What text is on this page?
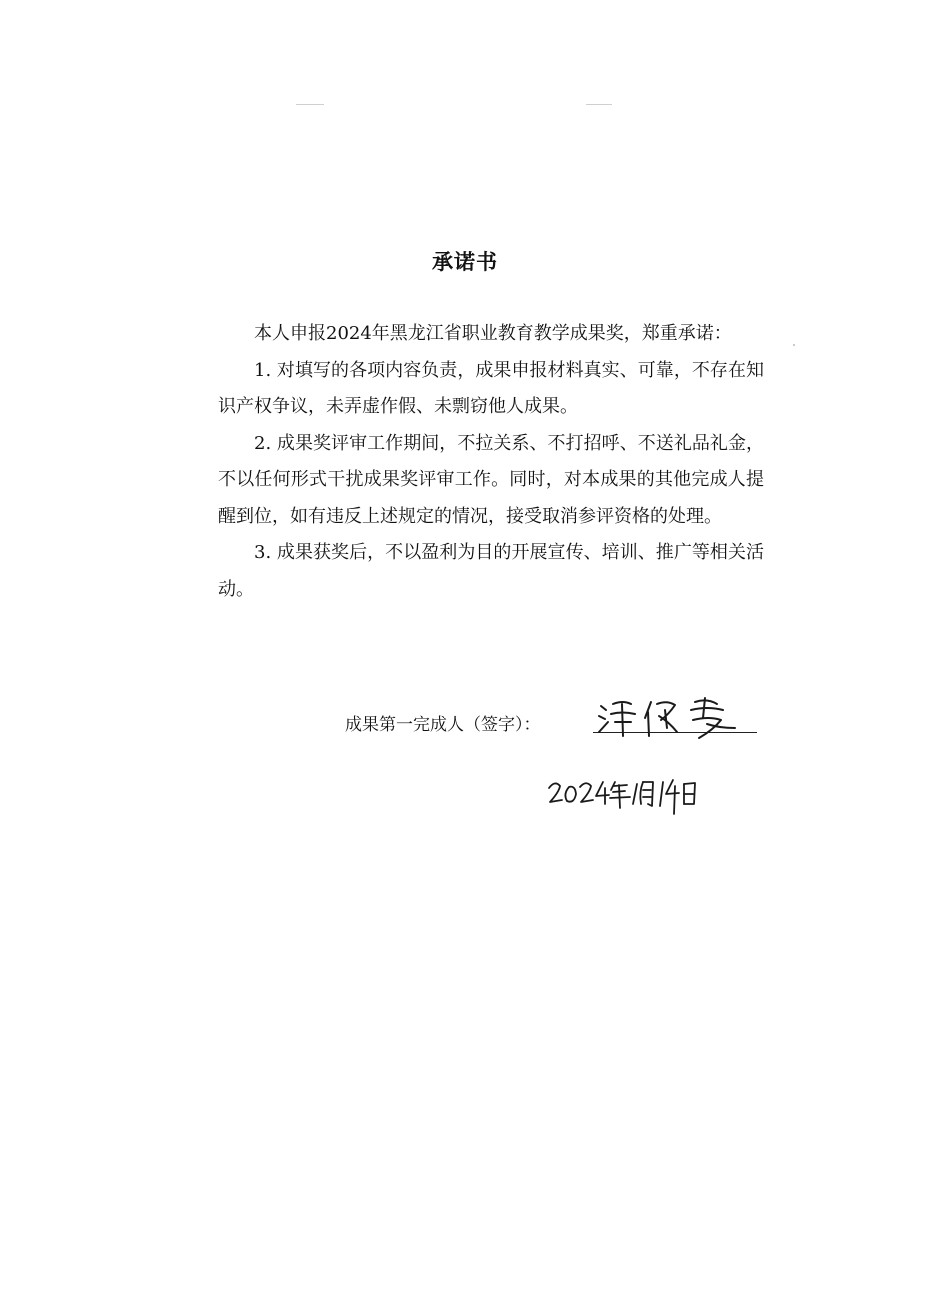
承诺书

本人申报2024年黑龙江省职业教育教学成果奖，郑重承诺：

1. 对填写的各项内容负责，成果申报材料真实、可靠，不存在知识产权争议，未弄虚作假、未剽窃他人成果。

2. 成果奖评审工作期间，不拉关系、不打招呼、不送礼品礼金，不以任何形式干扰成果奖评审工作。同时，对本成果的其他完成人提醒到位，如有违反上述规定的情况，接受取消参评资格的处理。

3. 成果获奖后，不以盈利为目的开展宣传、培训、推广等相关活动。

成果第一完成人（签字）：
